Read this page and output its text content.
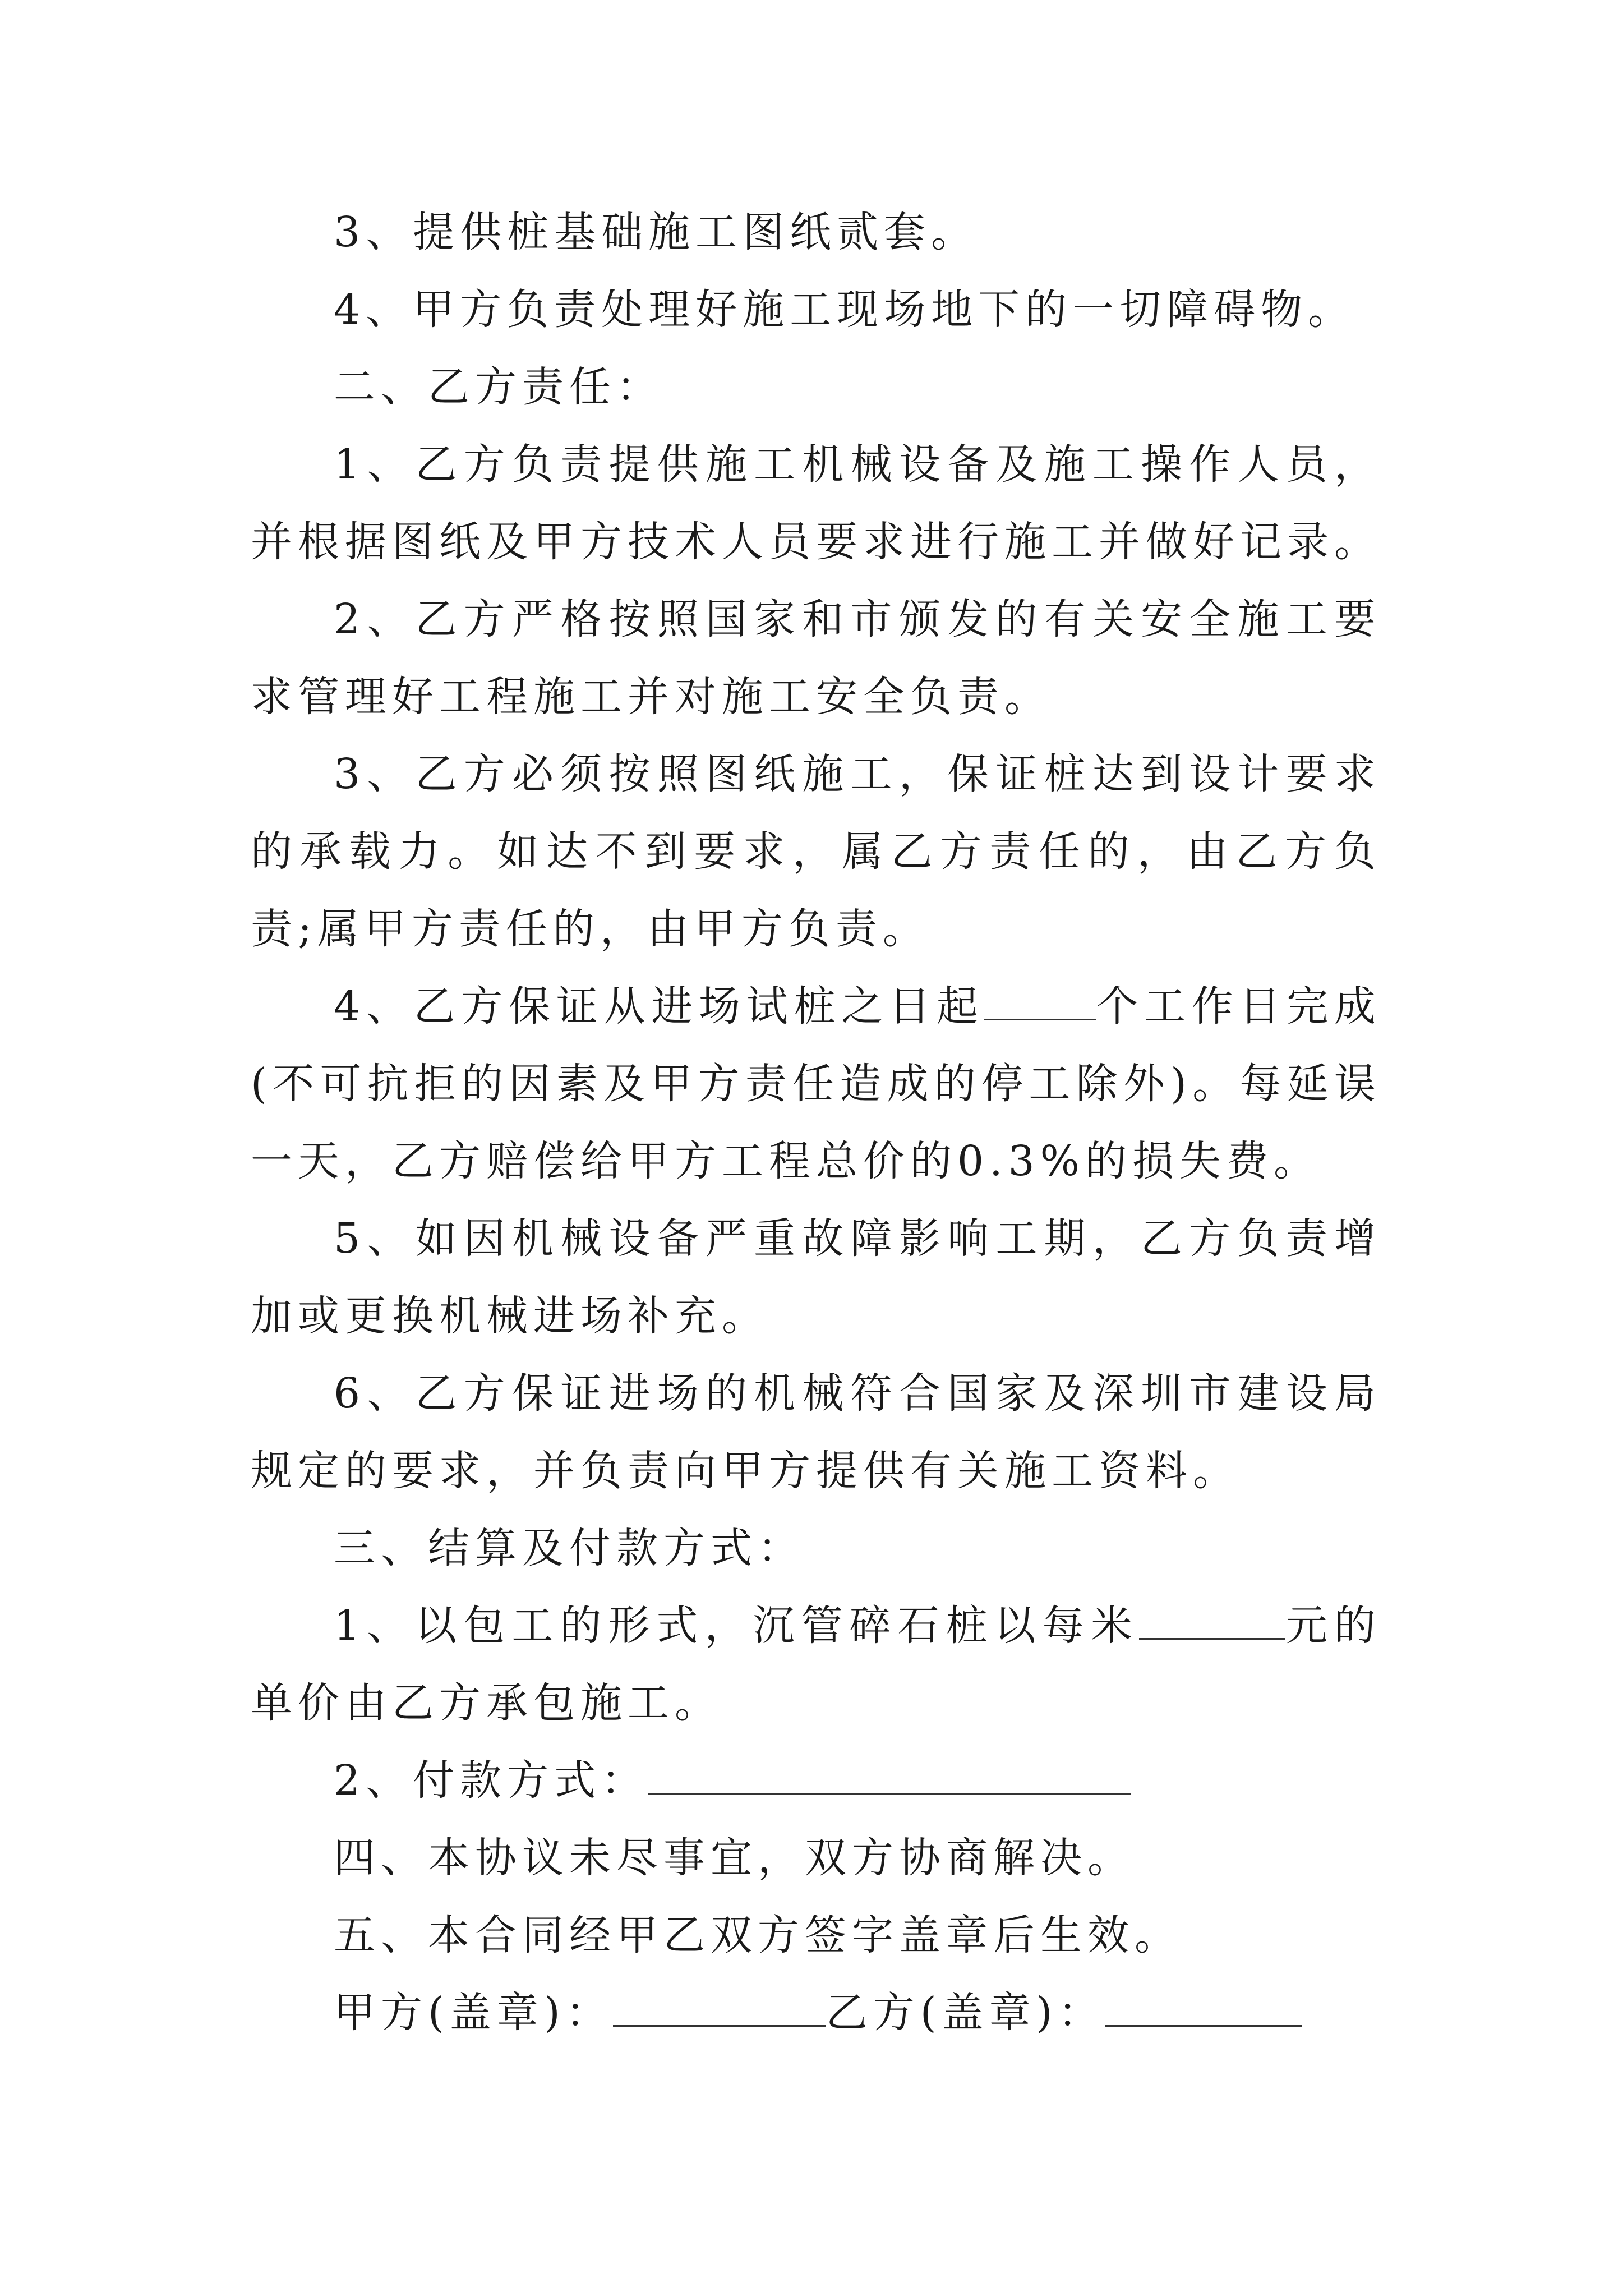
3、提供桩基础施工图纸贰套。

4、甲方负责处理好施工现场地下的一切障碍物。

二、乙方责任：

1、乙方负责提供施工机械设备及施工操作人员，并根据图纸及甲方技术人员要求进行施工并做好记录。

2、乙方严格按照国家和市颁发的有关安全施工要求管理好工程施工并对施工安全负责。

3、乙方必须按照图纸施工，保证桩达到设计要求的承载力。如达不到要求，属乙方责任的，由乙方负责;属甲方责任的，由甲方负责。

4、乙方保证从进场试桩之日起	个工作日完成(不可抗拒的因素及甲方责任造成的停工除外)。每延误一天，乙方赔偿给甲方工程总价的0.3%的损失费。

5、如因机械设备严重故障影响工期，乙方负责增加或更换机械进场补充。

6、乙方保证进场的机械符合国家及深圳市建设局规定的要求，并负责向甲方提供有关施工资料。

三、结算及付款方式：

1、以包工的形式，沉管碎石桩以每米	元的单价由乙方承包施工。

2、付款方式：

四、本协议未尽事宜，双方协商解决。

五、本合同经甲乙双方签字盖章后生效。

甲方(盖章)：	乙方(盖章)：
